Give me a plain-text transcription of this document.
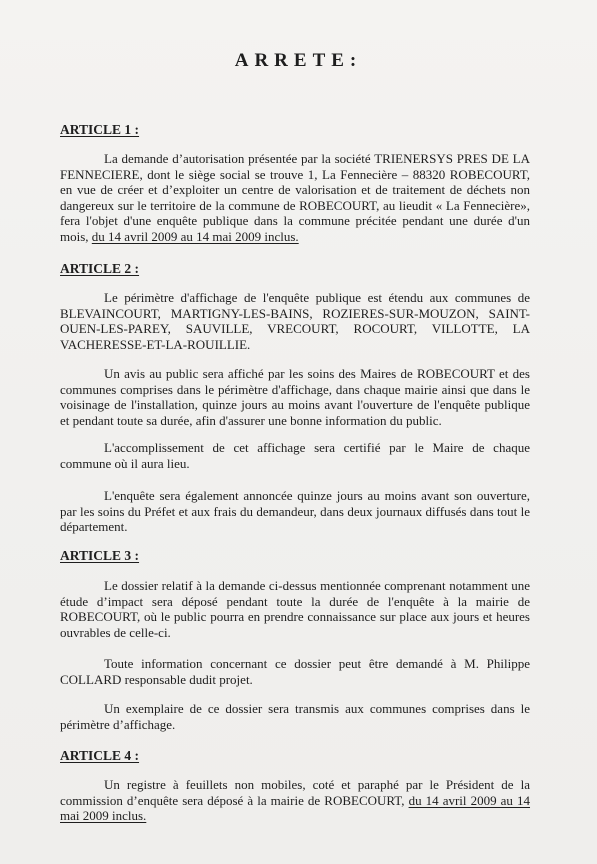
ARRETE:
ARTICLE 1 :
La demande d’autorisation présentée par la société TRIENERSYS PRES DE LA FENNECIERE, dont le siège social se trouve 1, La Fennecière – 88320 ROBECOURT, en vue de créer et d’exploiter un centre de valorisation et de traitement de déchets non dangereux sur le territoire de la commune de ROBECOURT, au lieudit « La Fennecière», fera l'objet d'une enquête publique dans la commune précitée pendant une durée d'un mois, du 14 avril 2009 au 14 mai 2009 inclus.
ARTICLE 2 :
Le périmètre d'affichage de l'enquête publique est étendu aux communes de BLEVAINCOURT, MARTIGNY-LES-BAINS, ROZIERES-SUR-MOUZON, SAINT-OUEN-LES-PAREY, SAUVILLE, VRECOURT, ROCOURT, VILLOTTE, LA VACHERESSE-ET-LA-ROUILLIE.
Un avis au public sera affiché par les soins des Maires de ROBECOURT et des communes comprises dans le périmètre d'affichage, dans chaque mairie ainsi que dans le voisinage de l'installation, quinze jours au moins avant l'ouverture de l'enquête publique et pendant toute sa durée, afin d'assurer une bonne information du public.
L'accomplissement de cet affichage sera certifié par le Maire de chaque commune où il aura lieu.
L'enquête sera également annoncée quinze jours au moins avant son ouverture, par les soins du Préfet et aux frais du demandeur, dans deux journaux diffusés dans tout le département.
ARTICLE 3 :
Le dossier relatif à la demande ci-dessus mentionnée comprenant notamment une étude d’impact sera déposé pendant toute la durée de l'enquête à la mairie de ROBECOURT, où le public pourra en prendre connaissance sur place aux jours et heures ouvrables de celle-ci.
Toute information concernant ce dossier peut être demandé à M. Philippe COLLARD responsable dudit projet.
Un exemplaire de ce dossier sera transmis aux communes comprises dans le périmètre d’affichage.
ARTICLE 4 :
Un registre à feuillets non mobiles, coté et paraphé par le Président de la commission d’enquête sera déposé à la mairie de ROBECOURT, du 14 avril 2009 au 14 mai 2009 inclus.
